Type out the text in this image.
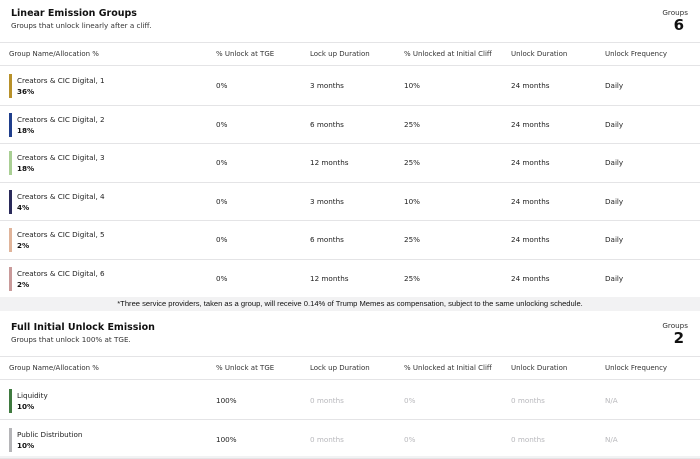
Linear Emission Groups
Groups that unlock linearly after a cliff.
Groups
6
Group Name/Allocation %	% Unlock at TGE	Lock up Duration	% Unlocked at Initial Cliff	Unlock Duration	Unlock Frequency
Creators & CIC Digital, 1
36%
0%	3 months	10%	24 months	Daily
Creators & CIC Digital, 2
18%
0%	6 months	25%	24 months	Daily
Creators & CIC Digital, 3
18%
0%	12 months	25%	24 months	Daily
Creators & CIC Digital, 4
4%
0%	3 months	10%	24 months	Daily
Creators & CIC Digital, 5
2%
0%	6 months	25%	24 months	Daily
Creators & CIC Digital, 6
2%
0%	12 months	25%	24 months	Daily
*Three service providers, taken as a group, will receive 0.14% of Trump Memes as compensation, subject to the same unlocking schedule.
Full Initial Unlock Emission
Groups that unlock 100% at TGE.
Groups
2
Group Name/Allocation %	% Unlock at TGE	Lock up Duration	% Unlocked at Initial Cliff	Unlock Duration	Unlock Frequency
Liquidity
10%
100%	0 months	0%	0 months	N/A
Public Distribution
10%
100%	0 months	0%	0 months	N/A
